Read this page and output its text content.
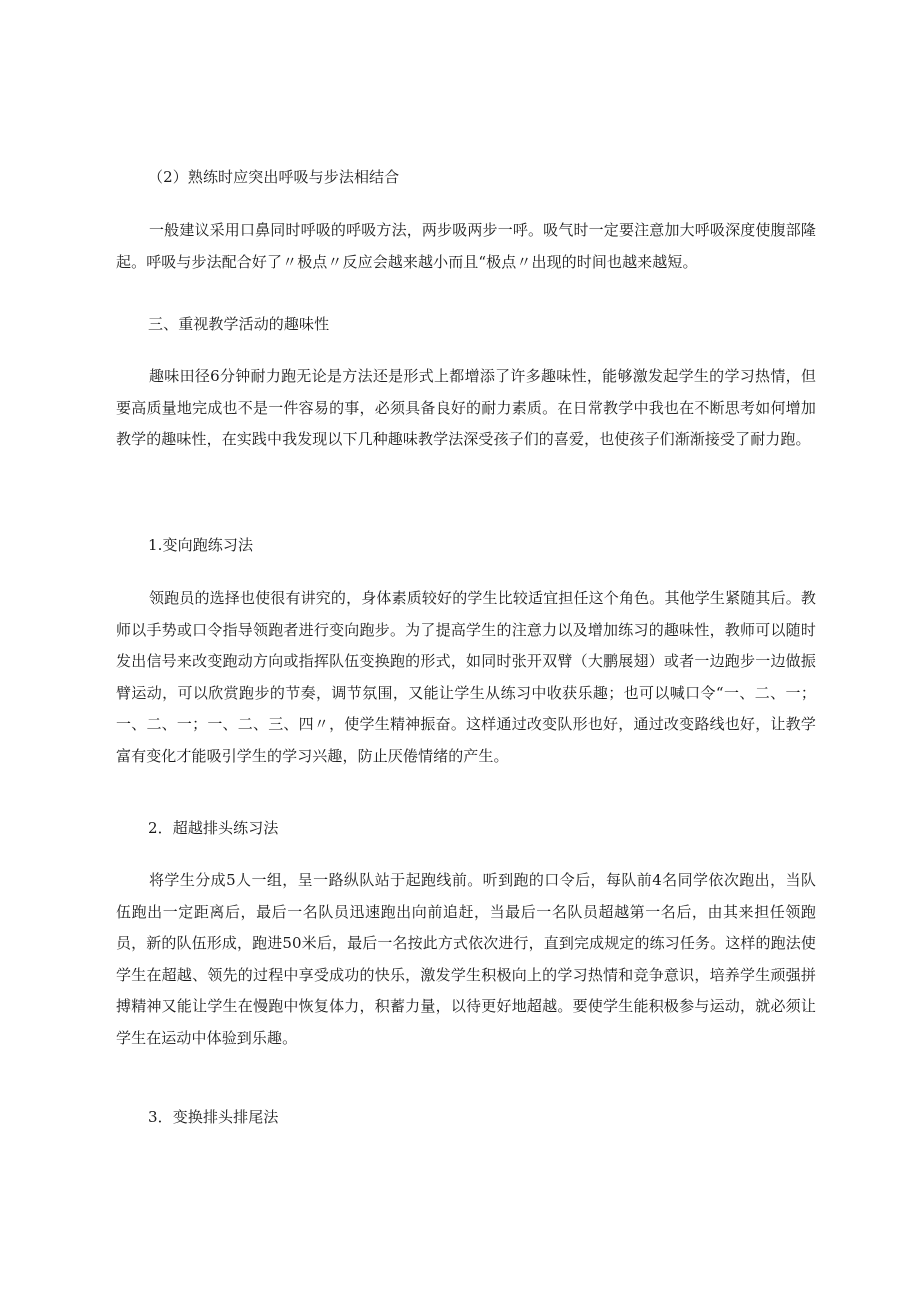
（2）熟练时应突出呼吸与步法相结合

一般建议采用口鼻同时呼吸的呼吸方法，两步吸两步一呼。吸气时一定要注意加大呼吸深度使腹部隆起。呼吸与步法配合好了〃极点〃反应会越来越小而且“极点〃出现的时间也越来越短。

三、重视教学活动的趣味性

趣味田径6分钟耐力跑无论是方法还是形式上都增添了许多趣味性，能够激发起学生的学习热情，但要高质量地完成也不是一件容易的事，必须具备良好的耐力素质。在日常教学中我也在不断思考如何增加教学的趣味性，在实践中我发现以下几种趣味教学法深受孩子们的喜爱，也使孩子们渐渐接受了耐力跑。

1.变向跑练习法

领跑员的选择也使很有讲究的，身体素质较好的学生比较适宜担任这个角色。其他学生紧随其后。教师以手势或口令指导领跑者进行变向跑步。为了提高学生的注意力以及增加练习的趣味性，教师可以随时发出信号来改变跑动方向或指挥队伍变换跑的形式，如同时张开双臂（大鹏展翅）或者一边跑步一边做振臂运动，可以欣赏跑步的节奏，调节氛围，又能让学生从练习中收获乐趣；也可以喊口令“一、二、一；一、二、一；一、二、三、四〃，使学生精神振奋。这样通过改变队形也好，通过改变路线也好，让教学富有变化才能吸引学生的学习兴趣，防止厌倦情绪的产生。

2．超越排头练习法

将学生分成5人一组，呈一路纵队站于起跑线前。听到跑的口令后，每队前4名同学依次跑出，当队伍跑出一定距离后，最后一名队员迅速跑出向前追赶，当最后一名队员超越第一名后，由其来担任领跑员，新的队伍形成，跑进50米后，最后一名按此方式依次进行，直到完成规定的练习任务。这样的跑法使学生在超越、领先的过程中享受成功的快乐，激发学生积极向上的学习热情和竞争意识，培养学生顽强拼搏精神又能让学生在慢跑中恢复体力，积蓄力量，以待更好地超越。要使学生能积极参与运动，就必须让学生在运动中体验到乐趣。

3．变换排头排尾法
